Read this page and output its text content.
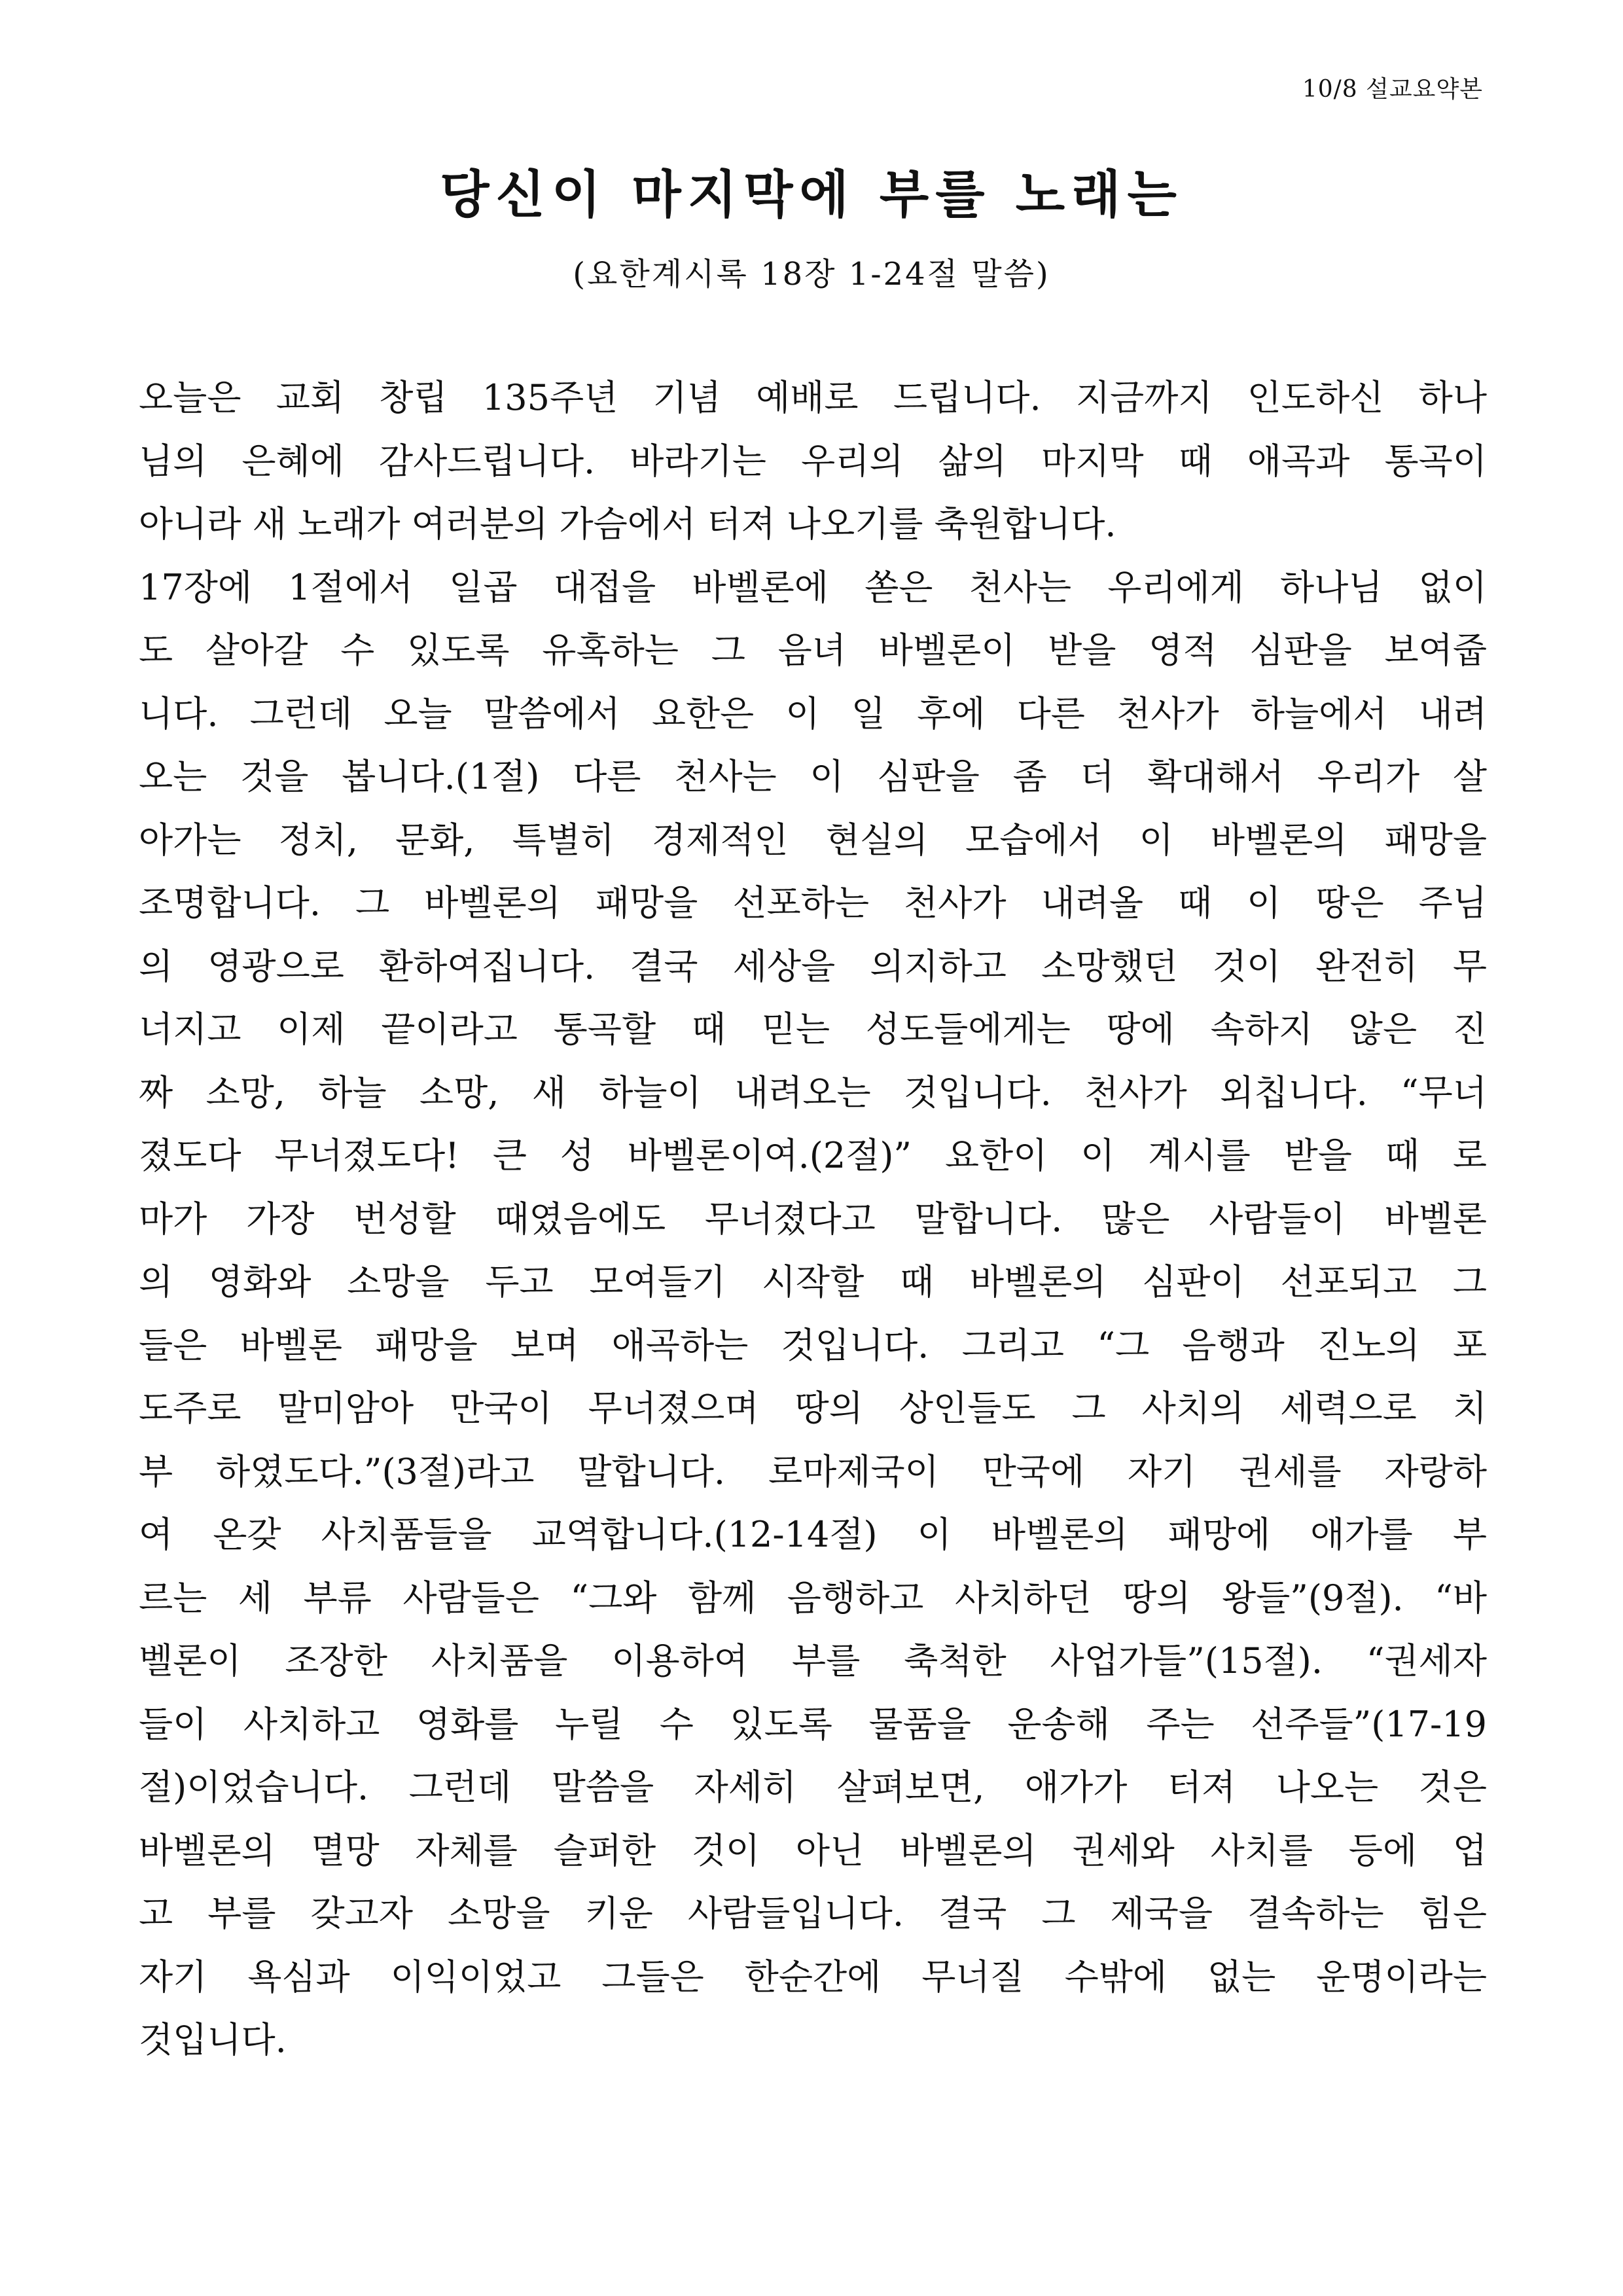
10/8 설교요약본
당신이 마지막에 부를 노래는

(요한계시록 18장 1-24절 말씀)

오늘은 교회 창립 135주년 기념 예배로 드립니다. 지금까지 인도하신 하나
님의 은혜에 감사드립니다. 바라기는 우리의 삶의 마지막 때 애곡과 통곡이
아니라 새 노래가 여러분의 가슴에서 터져 나오기를 축원합니다.
17장에 1절에서 일곱 대접을 바벨론에 쏟은 천사는 우리에게 하나님 없이
도 살아갈 수 있도록 유혹하는 그 음녀 바벨론이 받을 영적 심판을 보여줍
니다. 그런데 오늘 말씀에서 요한은 이 일 후에 다른 천사가 하늘에서 내려
오는 것을 봅니다.(1절) 다른 천사는 이 심판을 좀 더 확대해서 우리가 살
아가는 정치, 문화, 특별히 경제적인 현실의 모습에서 이 바벨론의 패망을
조명합니다. 그 바벨론의 패망을 선포하는 천사가 내려올 때 이 땅은 주님
의 영광으로 환하여집니다. 결국 세상을 의지하고 소망했던 것이 완전히 무
너지고 이제 끝이라고 통곡할 때 믿는 성도들에게는 땅에 속하지 않은 진
짜 소망, 하늘 소망, 새 하늘이 내려오는 것입니다. 천사가 외칩니다. “무너
졌도다 무너졌도다! 큰 성 바벨론이여.(2절)” 요한이 이 계시를 받을 때 로
마가 가장 번성할 때였음에도 무너졌다고 말합니다. 많은 사람들이 바벨론
의 영화와 소망을 두고 모여들기 시작할 때 바벨론의 심판이 선포되고 그
들은 바벨론 패망을 보며 애곡하는 것입니다. 그리고 “그 음행과 진노의 포
도주로 말미암아 만국이 무너졌으며 땅의 상인들도 그 사치의 세력으로 치
부 하였도다.”(3절)라고 말합니다. 로마제국이 만국에 자기 권세를 자랑하
여 온갖 사치품들을 교역합니다.(12-14절) 이 바벨론의 패망에 애가를 부
르는 세 부류 사람들은 “그와 함께 음행하고 사치하던 땅의 왕들”(9절). “바
벨론이 조장한 사치품을 이용하여 부를 축척한 사업가들”(15절). “권세자
들이 사치하고 영화를 누릴 수 있도록 물품을 운송해 주는 선주들”(17-19
절)이었습니다. 그런데 말씀을 자세히 살펴보면, 애가가 터져 나오는 것은
바벨론의 멸망 자체를 슬퍼한 것이 아닌 바벨론의 권세와 사치를 등에 업
고 부를 갖고자 소망을 키운 사람들입니다. 결국 그 제국을 결속하는 힘은
자기 욕심과 이익이었고 그들은 한순간에 무너질 수밖에 없는 운명이라는
것입니다.
